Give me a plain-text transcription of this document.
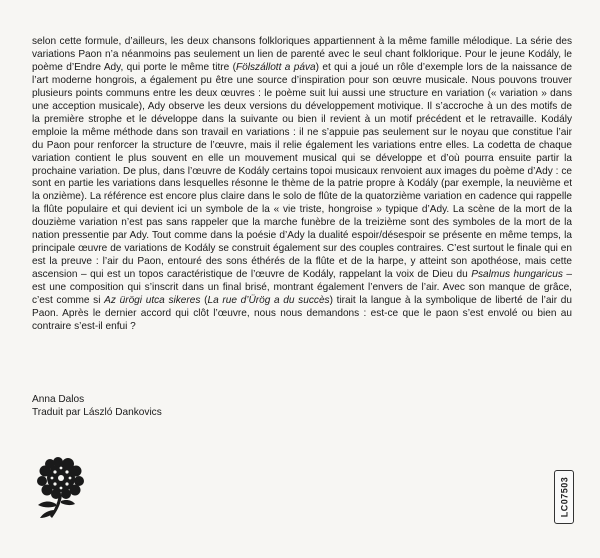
selon cette formule, d’ailleurs, les deux chansons folkloriques appartiennent à la même famille mélodique. La série des variations Paon n’a néanmoins pas seulement un lien de parenté avec le seul chant folklorique. Pour le jeune Kodály, le poème d’Endre Ady, qui porte le même titre (Fölszállott a páva) et qui a joué un rôle d’exemple lors de la naissance de l’art moderne hongrois, a également pu être une source d’inspiration pour son œuvre musicale. Nous pouvons trouver plusieurs points communs entre les deux œuvres : le poème suit lui aussi une structure en variation (« variation » dans une acception musicale), Ady observe les deux versions du développement motivique. Il s’accroche à un des motifs de la première strophe et le développe dans la suivante ou bien il revient à un motif précédent et le retravaille. Kodály emploie la même méthode dans son travail en variations : il ne s’appuie pas seulement sur le noyau que constitue l’air du Paon pour renforcer la structure de l’œuvre, mais il relie également les variations entre elles. La codetta de chaque variation contient le plus souvent en elle un mouvement musical qui se développe et d’où pourra ensuite partir la prochaine variation. De plus, dans l’œuvre de Kodály certains topoi musicaux renvoient aux images du poème d’Ady : ce sont en partie les variations dans lesquelles résonne le thème de la patrie propre à Kodály (par exemple, la neuvième et la onzième). La référence est encore plus claire dans le solo de flûte de la quatorzième variation en cadence qui rappelle la flûte populaire et qui devient ici un symbole de la « vie triste, hongroise » typique d’Ady. La scène de la mort de la douzième variation n’est pas sans rappeler que la marche funèbre de la treizième sont des symboles de la mort de la nation pressentie par Ady. Tout comme dans la poésie d’Ady la dualité espoir/désespoir se présente en même temps, la principale œuvre de variations de Kodály se construit également sur des couples contraires. C’est surtout le finale qui en est la preuve : l’air du Paon, entouré des sons éthérés de la flûte et de la harpe, y atteint son apothéose, mais cette ascension – qui est un topos caractéristique de l’œuvre de Kodály, rappelant la voix de Dieu du Psalmus hungaricus – est une composition qui s’inscrit dans un final brisé, montrant également l’envers de l’air. Avec son manque de grâce, c’est comme si Az ürögi utca sikeres (La rue d’Ürög a du succès) tirait la langue à la symbolique de liberté de l’air du Paon. Après le dernier accord qui clôt l’œuvre, nous nous demandons : est-ce que le paon s’est envolé ou bien au contraire s’est-il enfui ?

Anna Dalos
Traduit par László Dankovics
LC07503
